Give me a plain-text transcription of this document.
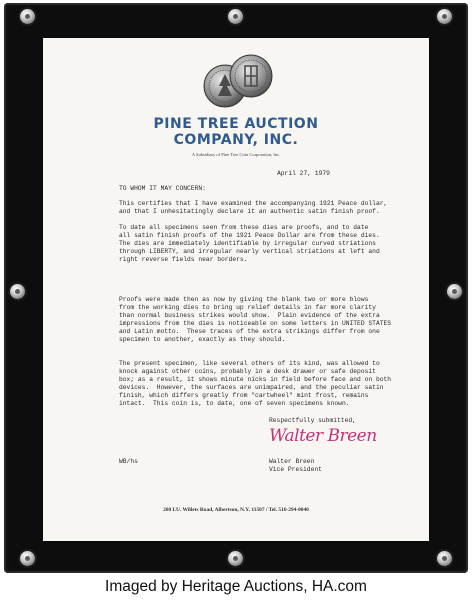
PINE TREE AUCTION
COMPANY, INC.
A Subsidiary of Pine Tree Coin Corporation, Inc.
April 27, 1979
TO WHOM IT MAY CONCERN:
This certifies that I have examined the accompanying 1921 Peace dollar,
and that I unhesitatingly declare it an authentic satin finish proof.
To date all specimens seen from these dies are proofs, and to date
all satin finish proofs of the 1921 Peace Dollar are from these dies.
The dies are immediately identifiable by irregular curved striations
through LIBERTY, and irregular nearly vertical striations at left and
right reverse fields near borders.
Proofs were made then as now by giving the blank two or more blows
from the working dies to bring up relief details in far more clarity
than normal business strikes would show.  Plain evidence of the extra
impressions from the dies is noticeable on some letters in UNITED STATES
and Latin motto.  These traces of the extra strikings differ from one
specimen to another, exactly as they should.
The present specimen, like several others of its kind, was allowed to
knock against other coins, probably in a desk drawer or safe deposit
box; as a result, it shows minute nicks in field before face and on both
devices.  However, the surfaces are unimpaired, and the peculiar satin
finish, which differs greatly from "cartwheel" mint frost, remains
intact.  This coin is, to date, one of seven specimens known.
Respectfully submitted,
Walter Breen
WB/hs	Walter Breen
Vice President
200 I.U. Willets Road, Albertson, N.Y. 11507 / Tel. 516-294-0040
Imaged by Heritage Auctions, HA.com
